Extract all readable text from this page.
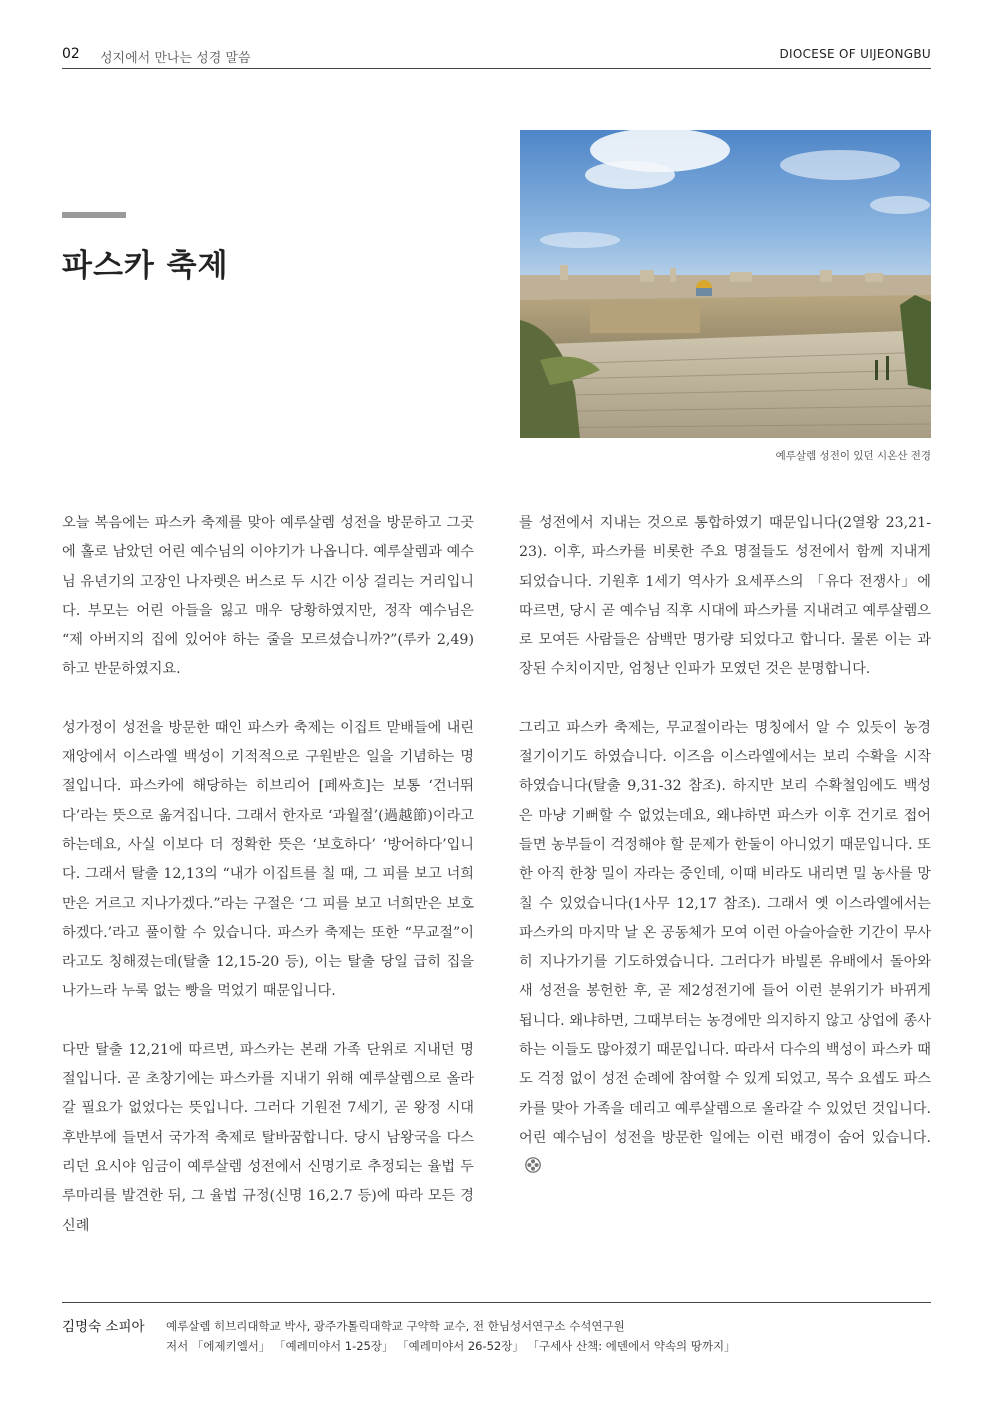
02 성지에서 만나는 성경 말씀	DIOCESE OF UIJEONGBU
파스카 축제
예루살렘 성전이 있던 시온산 전경

오늘 복음에는 파스카 축제를 맞아 예루살렘 성전을 방문하고 그곳에 홀로 남았던 어린 예수님의 이야기가 나옵니다. 예루살렘과 예수님 유년기의 고장인 나자렛은 버스로 두 시간 이상 걸리는 거리입니다. 부모는 어린 아들을 잃고 매우 당황하였지만, 정작 예수님은 “제 아버지의 집에 있어야 하는 줄을 모르셨습니까?”(루카 2,49) 하고 반문하였지요.

성가정이 성전을 방문한 때인 파스카 축제는 이집트 맏배들에 내린 재앙에서 이스라엘 백성이 기적적으로 구원받은 일을 기념하는 명절입니다. 파스카에 해당하는 히브리어 [페싸흐]는 보통 ‘건너뛰다’라는 뜻으로 옮겨집니다. 그래서 한자로 ‘과월절’(過越節)이라고 하는데요, 사실 이보다 더 정확한 뜻은 ‘보호하다’ ‘방어하다’입니다. 그래서 탈출 12,13의 “내가 이집트를 칠 때, 그 피를 보고 너희만은 거르고 지나가겠다.”라는 구절은 ‘그 피를 보고 너희만은 보호하겠다.’라고 풀이할 수 있습니다. 파스카 축제는 또한 “무교절”이라고도 칭해졌는데(탈출 12,15-20 등), 이는 탈출 당일 급히 집을 나가느라 누룩 없는 빵을 먹었기 때문입니다.

다만 탈출 12,21에 따르면, 파스카는 본래 가족 단위로 지내던 명절입니다. 곧 초창기에는 파스카를 지내기 위해 예루살렘으로 올라갈 필요가 없었다는 뜻입니다. 그러다 기원전 7세기, 곧 왕정 시대 후반부에 들면서 국가적 축제로 탈바꿈합니다. 당시 남왕국을 다스리던 요시야 임금이 예루살렘 성전에서 신명기로 추정되는 율법 두루마리를 발견한 뒤, 그 율법 규정(신명 16,2.7 등)에 따라 모든 경신례

를 성전에서 지내는 것으로 통합하였기 때문입니다(2열왕 23,21-23). 이후, 파스카를 비롯한 주요 명절들도 성전에서 함께 지내게 되었습니다. 기원후 1세기 역사가 요세푸스의 「유다 전쟁사」에 따르면, 당시 곧 예수님 직후 시대에 파스카를 지내려고 예루살렘으로 모여든 사람들은 삼백만 명가량 되었다고 합니다. 물론 이는 과장된 수치이지만, 엄청난 인파가 모였던 것은 분명합니다.

그리고 파스카 축제는, 무교절이라는 명칭에서 알 수 있듯이 농경 절기이기도 하였습니다. 이즈음 이스라엘에서는 보리 수확을 시작하였습니다(탈출 9,31-32 참조). 하지만 보리 수확철임에도 백성은 마냥 기뻐할 수 없었는데요, 왜냐하면 파스카 이후 건기로 접어들면 농부들이 걱정해야 할 문제가 한둘이 아니었기 때문입니다. 또한 아직 한창 밀이 자라는 중인데, 이때 비라도 내리면 밀 농사를 망칠 수 있었습니다(1사무 12,17 참조). 그래서 옛 이스라엘에서는 파스카의 마지막 날 온 공동체가 모여 이런 아슬아슬한 기간이 무사히 지나가기를 기도하였습니다. 그러다가 바빌론 유배에서 돌아와 새 성전을 봉헌한 후, 곧 제2성전기에 들어 이런 분위기가 바뀌게 됩니다. 왜냐하면, 그때부터는 농경에만 의지하지 않고 상업에 종사하는 이들도 많아졌기 때문입니다. 따라서 다수의 백성이 파스카 때도 걱정 없이 성전 순례에 참여할 수 있게 되었고, 목수 요셉도 파스카를 맞아 가족을 데리고 예루살렘으로 올라갈 수 있었던 것입니다. 어린 예수님이 성전을 방문한 일에는 이런 배경이 숨어 있습니다.

김명숙 소피아 예루살렘 히브리대학교 박사, 광주가톨릭대학교 구약학 교수, 전 한님성서연구소 수석연구원
저서 「에제키엘서」 「예레미야서 1-25장」 「예레미야서 26-52장」 「구세사 산책: 에덴에서 약속의 땅까지」
